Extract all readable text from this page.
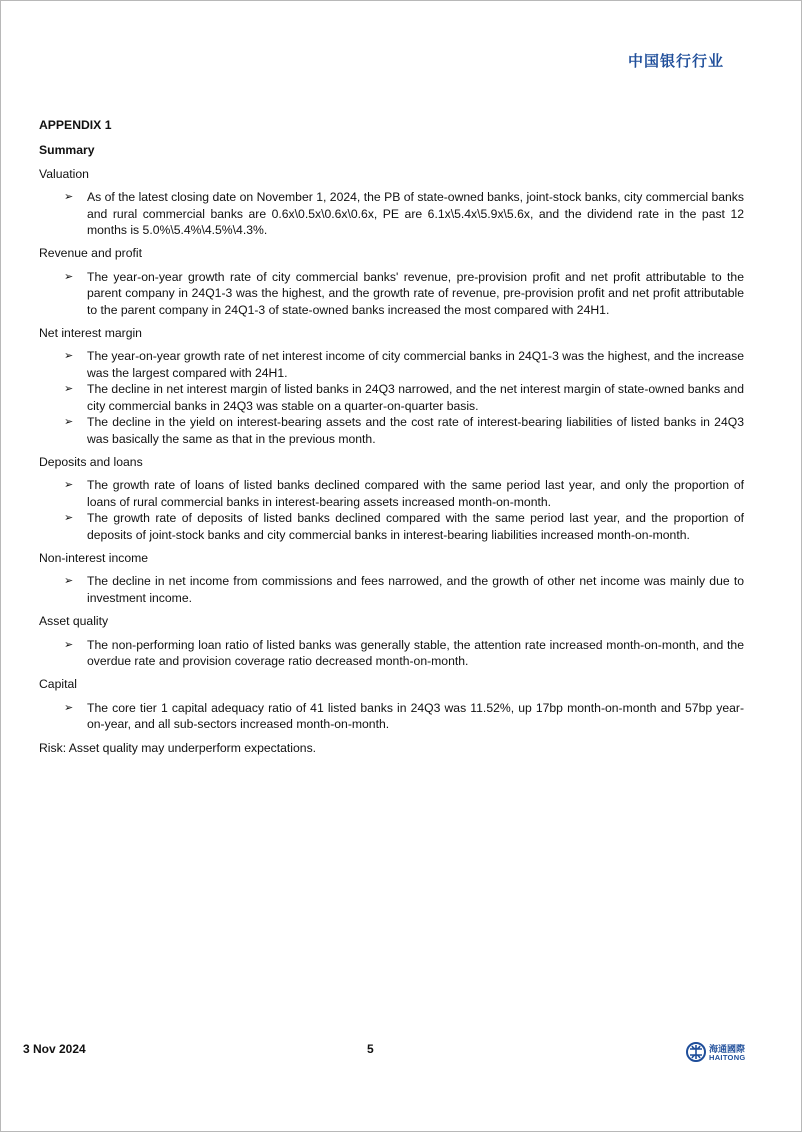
中国银行行业
APPENDIX 1
Summary
Valuation
➢ As of the latest closing date on November 1, 2024, the PB of state-owned banks, joint-stock banks, city commercial banks and rural commercial banks are 0.6x\0.5x\0.6x\0.6x, PE are 6.1x\5.4x\5.9x\5.6x, and the dividend rate in the past 12 months is 5.0%\5.4%\4.5%\4.3%.
Revenue and profit
➢ The year-on-year growth rate of city commercial banks' revenue, pre-provision profit and net profit attributable to the parent company in 24Q1-3 was the highest, and the growth rate of revenue, pre-provision profit and net profit attributable to the parent company in 24Q1-3 of state-owned banks increased the most compared with 24H1.
Net interest margin
➢ The year-on-year growth rate of net interest income of city commercial banks in 24Q1-3 was the highest, and the increase was the largest compared with 24H1.
➢ The decline in net interest margin of listed banks in 24Q3 narrowed, and the net interest margin of state-owned banks and city commercial banks in 24Q3 was stable on a quarter-on-quarter basis.
➢ The decline in the yield on interest-bearing assets and the cost rate of interest-bearing liabilities of listed banks in 24Q3 was basically the same as that in the previous month.
Deposits and loans
➢ The growth rate of loans of listed banks declined compared with the same period last year, and only the proportion of loans of rural commercial banks in interest-bearing assets increased month-on-month.
➢ The growth rate of deposits of listed banks declined compared with the same period last year, and the proportion of deposits of joint-stock banks and city commercial banks in interest-bearing liabilities increased month-on-month.
Non-interest income
➢ The decline in net income from commissions and fees narrowed, and the growth of other net income was mainly due to investment income.
Asset quality
➢ The non-performing loan ratio of listed banks was generally stable, the attention rate increased month-on-month, and the overdue rate and provision coverage ratio decreased month-on-month.
Capital
➢ The core tier 1 capital adequacy ratio of 41 listed banks in 24Q3 was 11.52%, up 17bp month-on-month and 57bp year-on-year, and all sub-sectors increased month-on-month.
Risk: Asset quality may underperform expectations.
3 Nov 2024	5	海通國際
HAITONG
